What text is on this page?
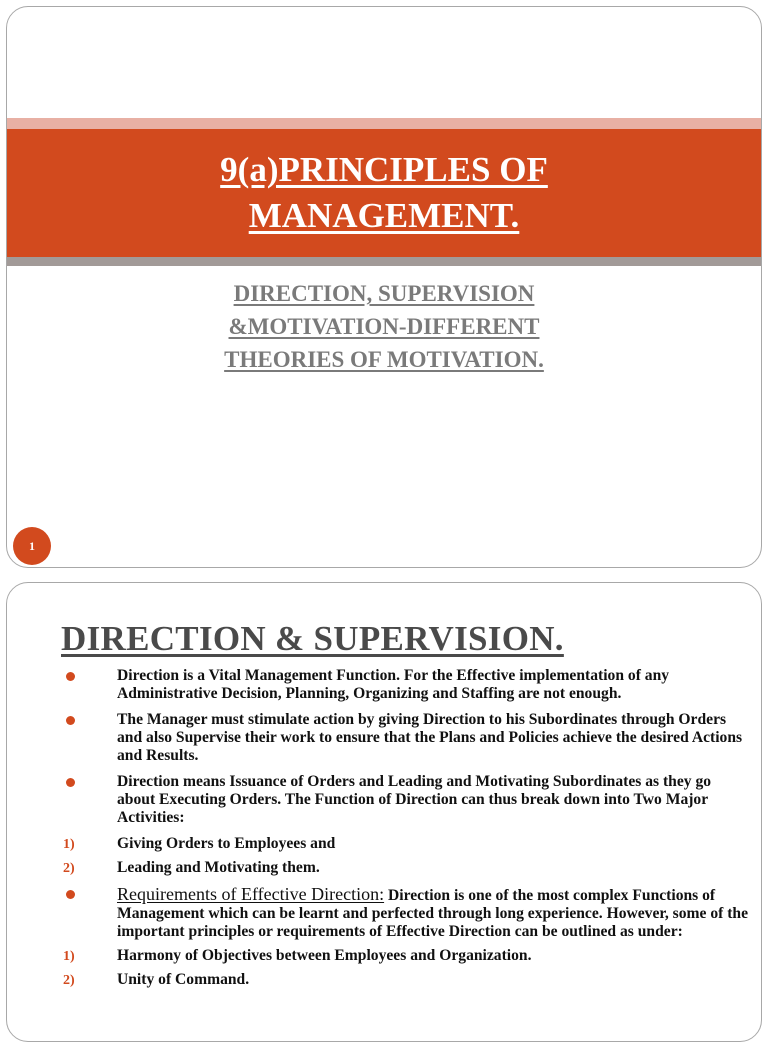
9(a)PRINCIPLES OF
MANAGEMENT.
DIRECTION, SUPERVISION
&MOTIVATION-DIFFERENT
THEORIES OF MOTIVATION.
1
DIRECTION & SUPERVISION.
Direction is a Vital Management Function. For the Effective implementation of any Administrative Decision, Planning, Organizing and Staffing are not enough.
The Manager must stimulate action by giving Direction to his Subordinates through Orders and also Supervise their work to ensure that the Plans and Policies achieve the desired Actions and Results.
Direction means Issuance of Orders and Leading and Motivating Subordinates as they go about Executing Orders. The Function of Direction can thus break down into Two Major Activities:
1)	Giving Orders to Employees and
2)	Leading and Motivating them.
Requirements of Effective Direction: Direction is one of the most complex Functions of Management which can be learnt and perfected through long experience. However, some of the important principles or requirements of Effective Direction can be outlined as under:
1)	Harmony of Objectives between Employees and Organization.
2)	Unity of Command.
